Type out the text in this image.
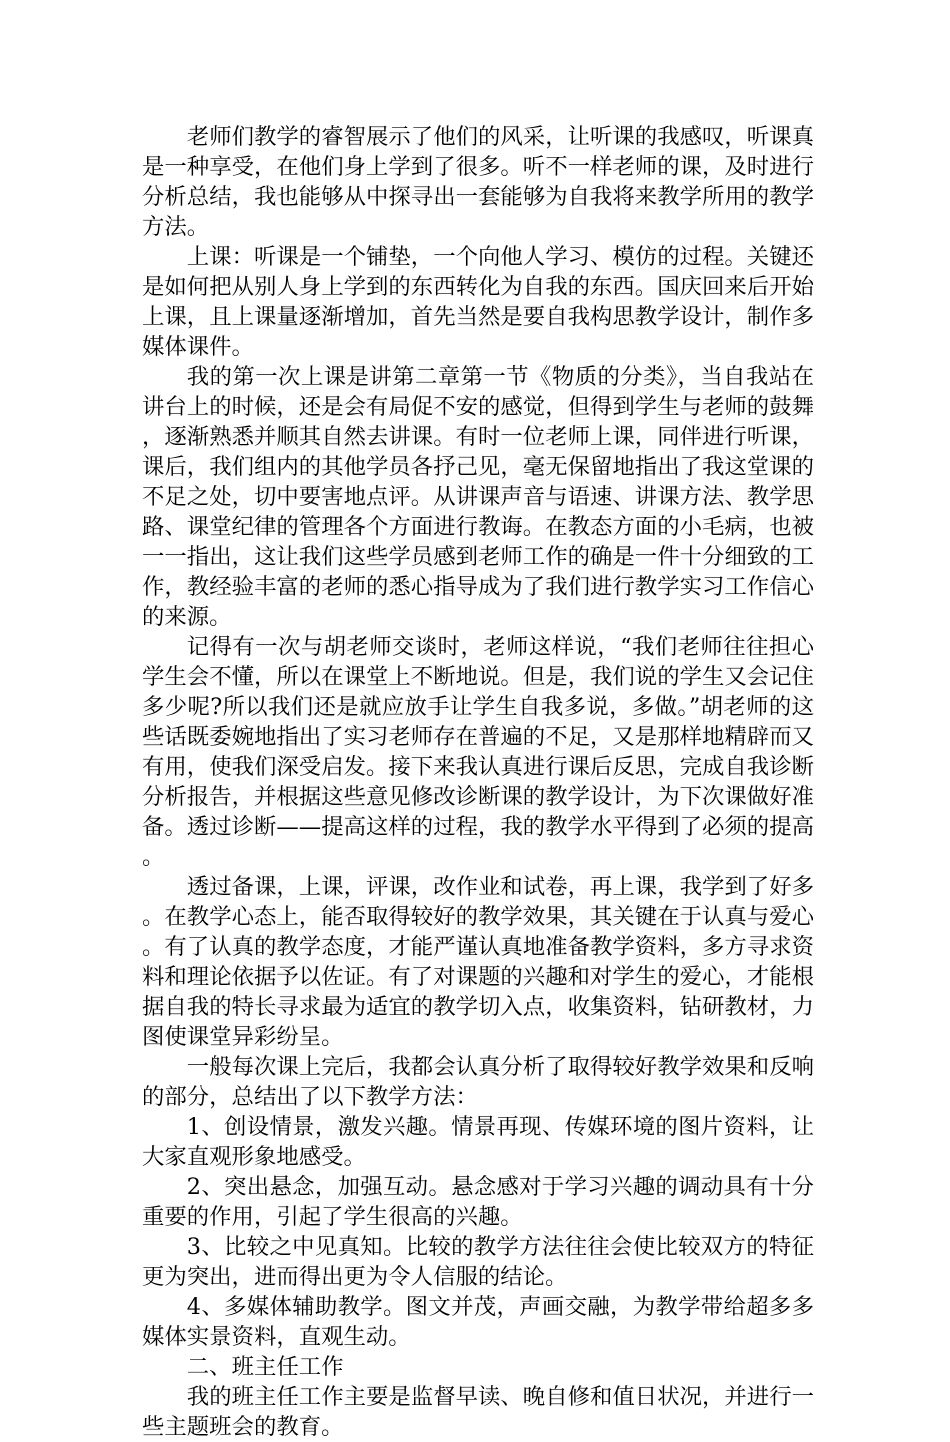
老师们教学的睿智展示了他们的风采，让听课的我感叹，听课真是一种享受，在他们身上学到了很多。听不一样老师的课，及时进行分析总结，我也能够从中探寻出一套能够为自我将来教学所用的教学方法。

上课：听课是一个铺垫，一个向他人学习、模仿的过程。关键还是如何把从别人身上学到的东西转化为自我的东西。国庆回来后开始上课，且上课量逐渐增加，首先当然是要自我构思教学设计，制作多媒体课件。

我的第一次上课是讲第二章第一节《物质的分类》，当自我站在讲台上的时候，还是会有局促不安的感觉，但得到学生与老师的鼓舞，逐渐熟悉并顺其自然去讲课。有时一位老师上课，同伴进行听课，课后，我们组内的其他学员各抒己见，毫无保留地指出了我这堂课的不足之处，切中要害地点评。从讲课声音与语速、讲课方法、教学思路、课堂纪律的管理各个方面进行教诲。在教态方面的小毛病，也被一一指出，这让我们这些学员感到老师工作的确是一件十分细致的工作，教经验丰富的老师的悉心指导成为了我们进行教学实习工作信心的来源。

记得有一次与胡老师交谈时，老师这样说，“我们老师往往担心学生会不懂，所以在课堂上不断地说。但是，我们说的学生又会记住多少呢?所以我们还是就应放手让学生自我多说，多做。”胡老师的这些话既委婉地指出了实习老师存在普遍的不足，又是那样地精辟而又有用，使我们深受启发。接下来我认真进行课后反思，完成自我诊断分析报告，并根据这些意见修改诊断课的教学设计，为下次课做好准备。透过诊断——提高这样的过程，我的教学水平得到了必须的提高。

透过备课，上课，评课，改作业和试卷，再上课，我学到了好多。在教学心态上，能否取得较好的教学效果，其关键在于认真与爱心。有了认真的教学态度，才能严谨认真地准备教学资料，多方寻求资料和理论依据予以佐证。有了对课题的兴趣和对学生的爱心，才能根据自我的特长寻求最为适宜的教学切入点，收集资料，钻研教材，力图使课堂异彩纷呈。

一般每次课上完后，我都会认真分析了取得较好教学效果和反响的部分，总结出了以下教学方法：

1、创设情景，激发兴趣。情景再现、传媒环境的图片资料，让大家直观形象地感受。

2、突出悬念，加强互动。悬念感对于学习兴趣的调动具有十分重要的作用，引起了学生很高的兴趣。

3、比较之中见真知。比较的教学方法往往会使比较双方的特征更为突出，进而得出更为令人信服的结论。

4、多媒体辅助教学。图文并茂，声画交融，为教学带给超多多媒体实景资料，直观生动。

二、班主任工作

我的班主任工作主要是监督早读、晚自修和值日状况，并进行一些主题班会的教育。
